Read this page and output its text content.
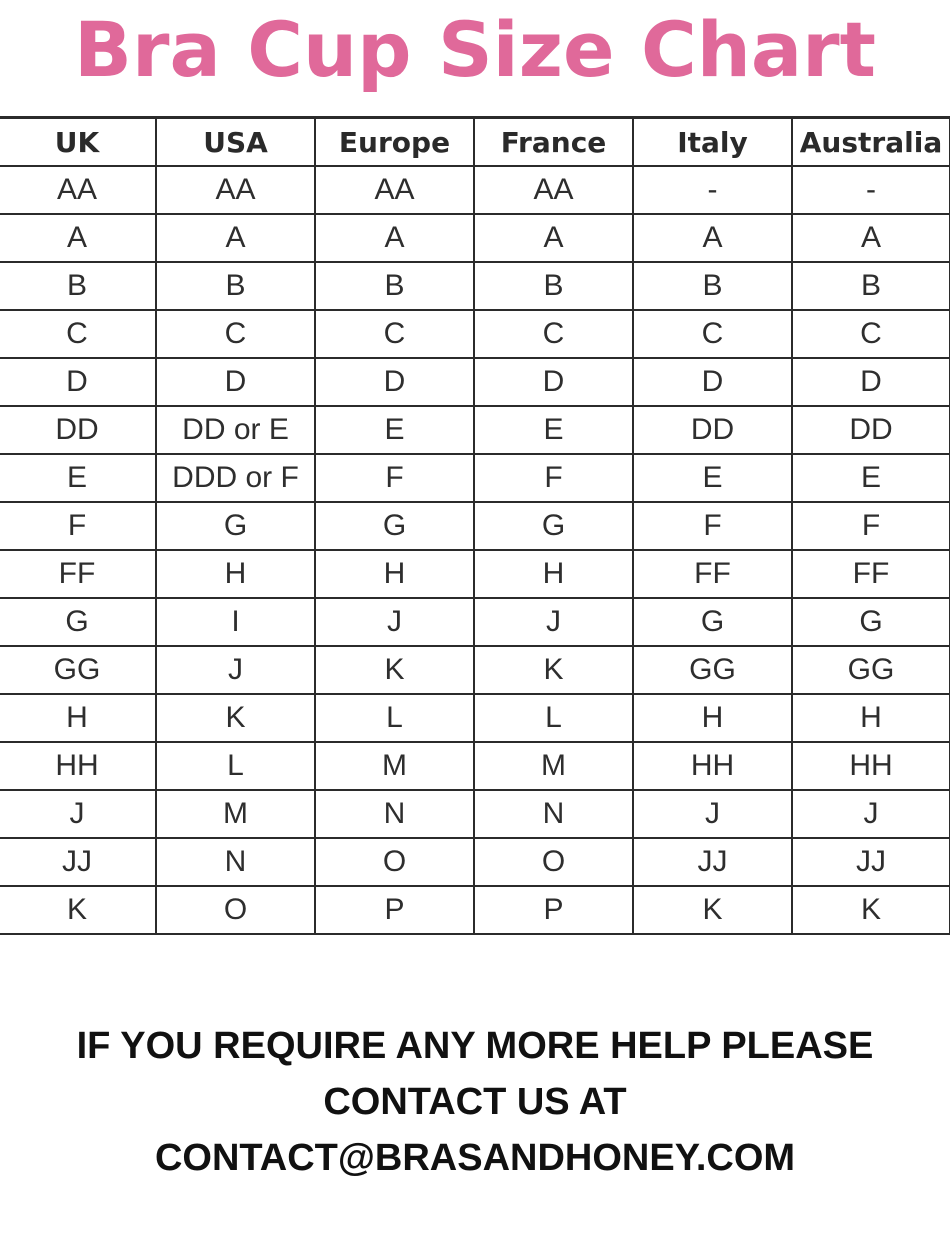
Bra Cup Size Chart
UK	USA	Europe	France	Italy	Australia
AA	AA	AA	AA	-	-
A	A	A	A	A	A
B	B	B	B	B	B
C	C	C	C	C	C
D	D	D	D	D	D
DD	DD or E	E	E	DD	DD
E	DDD or F	F	F	E	E
F	G	G	G	F	F
FF	H	H	H	FF	FF
G	I	J	J	G	G
GG	J	K	K	GG	GG
H	K	L	L	H	H
HH	L	M	M	HH	HH
J	M	N	N	J	J
JJ	N	O	O	JJ	JJ
K	O	P	P	K	K
IF YOU REQUIRE ANY MORE HELP PLEASE
CONTACT US AT
CONTACT@BRASANDHONEY.COM
